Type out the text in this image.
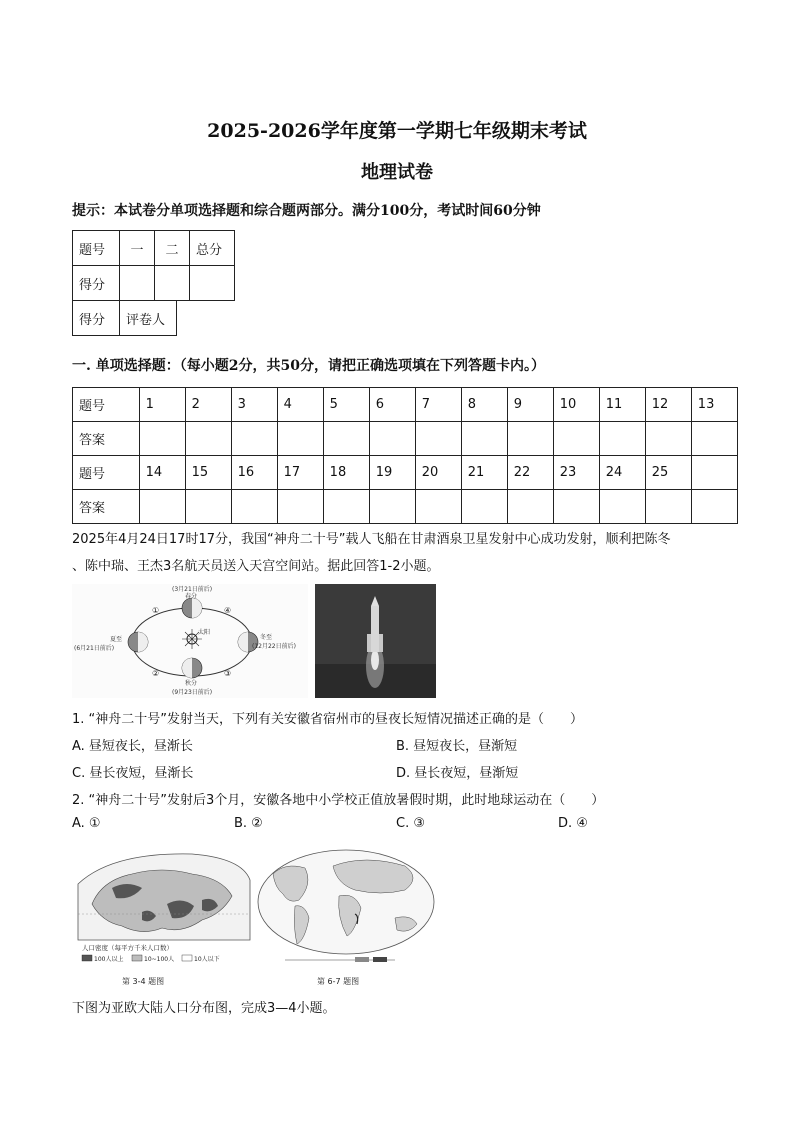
2025-2026学年度第一学期七年级期末考试
地理试卷
提示：本试卷分单项选择题和综合题两部分。满分100分，考试时间60分钟
题号	一	二	总分
得分			
得分	评卷人
一. 单项选择题：（每小题2分，共50分，请把正确选项填在下列答题卡内。）
题号	1	2	3	4	5	6	7	8	9	10	11	12	13
答案													
题号	14	15	16	17	18	19	20	21	22	23	24	25	
答案													
2025年4月24日17时17分，我国“神舟二十号”载人飞船在甘肃酒泉卫星发射中心成功发射，顺利把陈冬
、陈中瑞、王杰3名航天员送入天宫空间站。据此回答1-2小题。
太阳
(3月21日前后)
春分
夏至
(6月21日前后)
冬至
(12月22日前后)
秋分
(9月23日前后)
①	④
②	③
1. “神舟二十号”发射当天，下列有关安徽省宿州市的昼夜长短情况描述正确的是（　　）
A. 昼短夜长，昼渐长	B. 昼短夜长，昼渐短
C. 昼长夜短，昼渐长	D. 昼长夜短，昼渐短
2. “神舟二十号”发射后3个月，安徽各地中小学校正值放暑假时期，此时地球运动在（　　）
A. ①	B. ②	C. ③	D. ④
人口密度（每平方千米人口数）
100人以上	10~100人	10人以下
第 3-4 题图	第 6-7 题图
下图为亚欧大陆人口分布图，完成3—4小题。
